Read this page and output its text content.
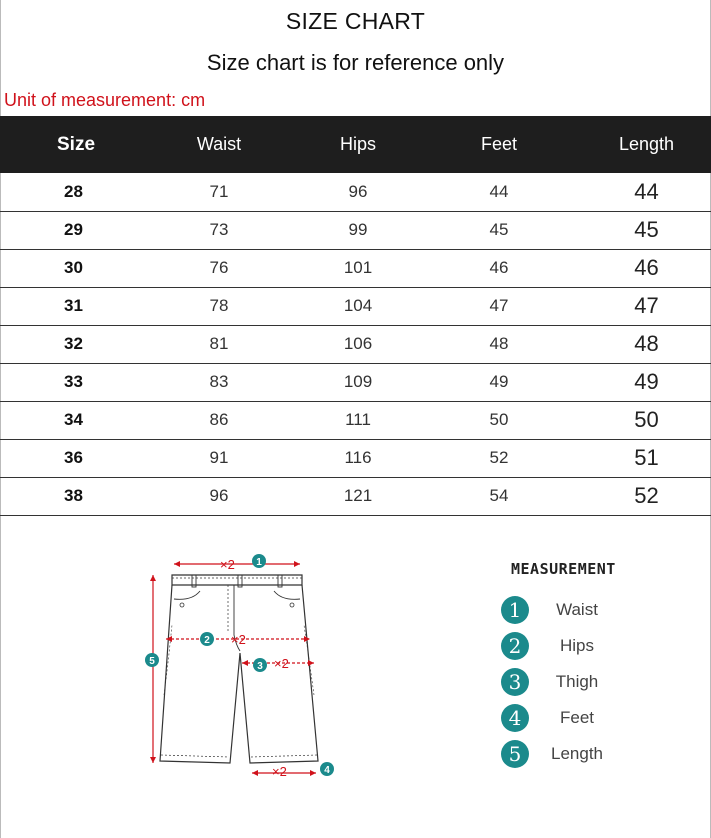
SIZE CHART
Size chart is for reference only
Unit of measurement: cm
Size	Waist	Hips	Feet	Length
28	71	96	44	44
29	73	99	45	45
30	76	101	46	46
31	78	104	47	47
32	81	106	48	48
33	83	109	49	49
34	86	111	50	50
36	91	116	52	51
38	96	121	54	52
×2
×2
×2
×2
1
2
3
4
5
MEASUREMENT
1	Waist
2	Hips
3	Thigh
4	Feet
5	Length
